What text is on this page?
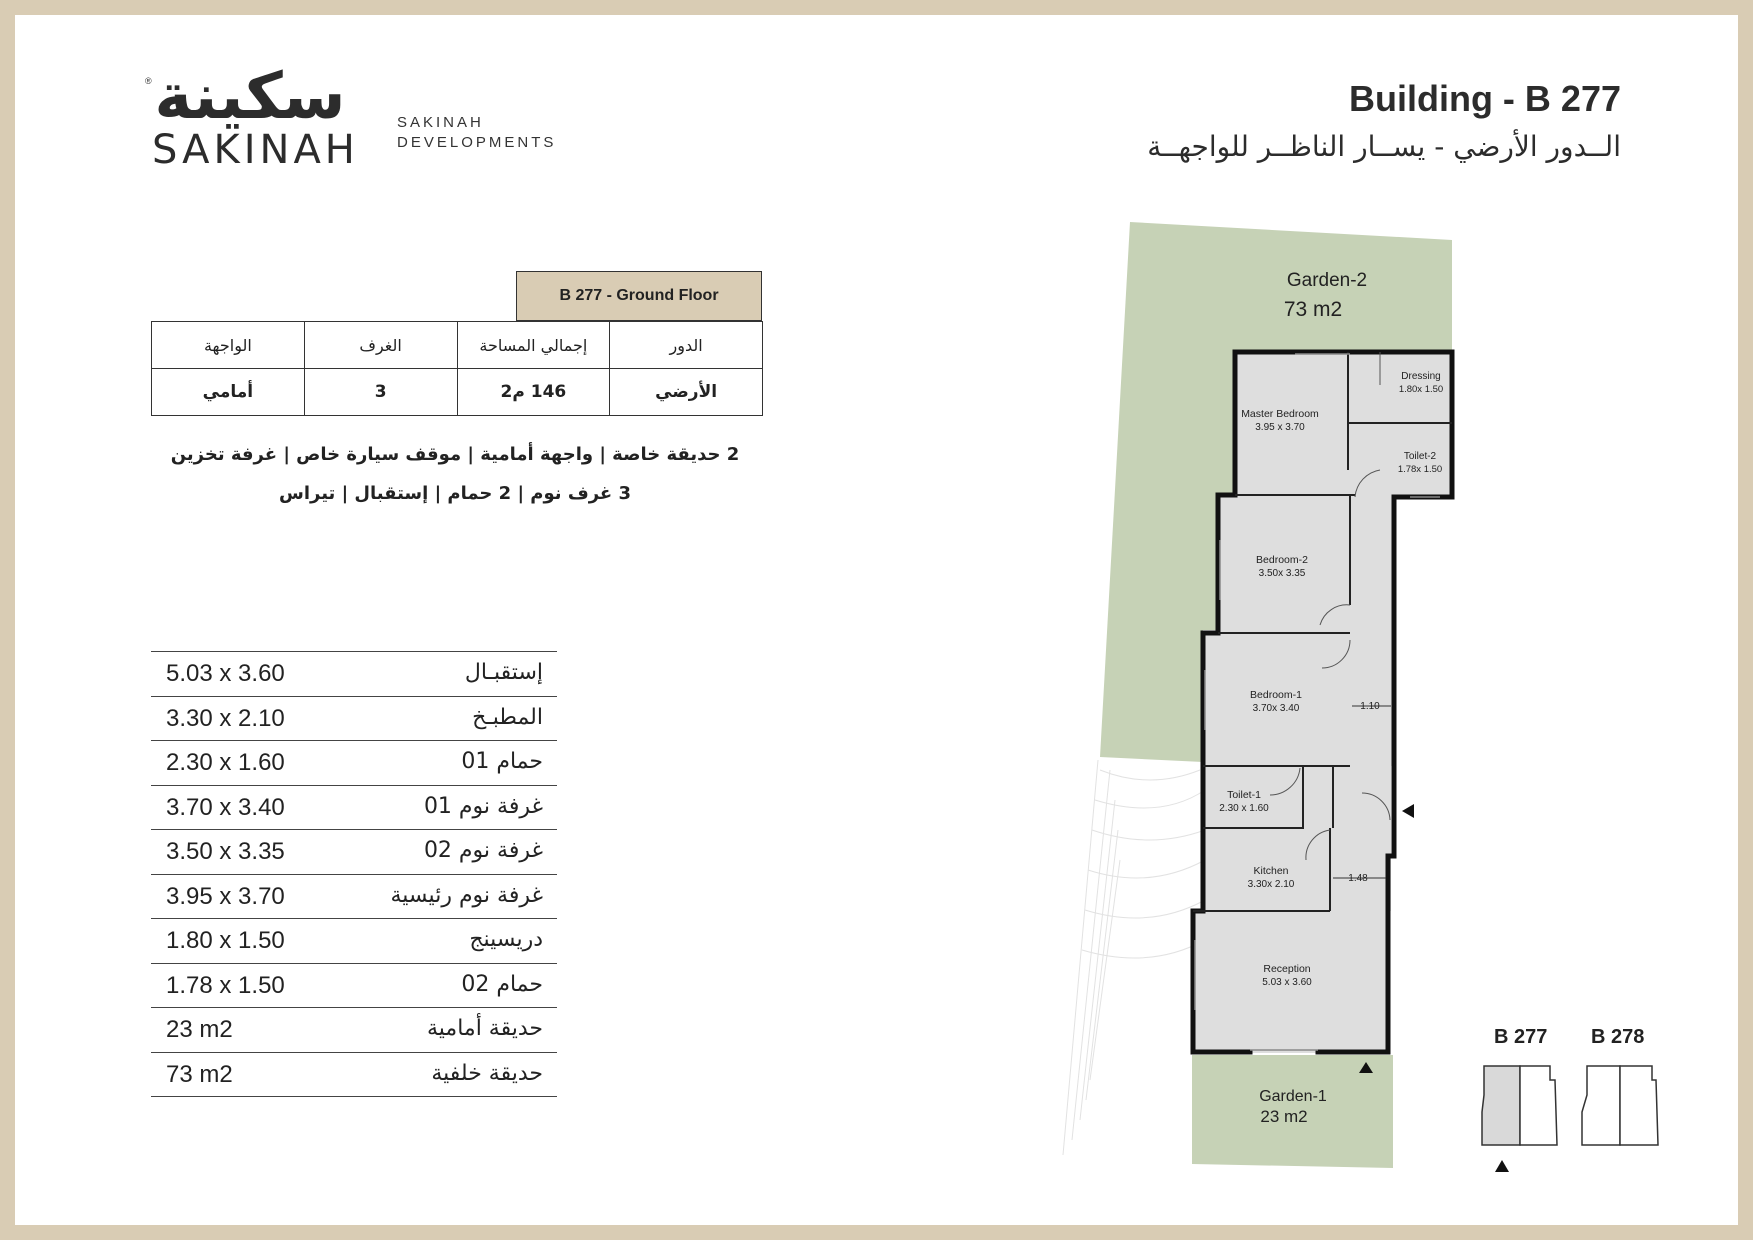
® سكينة
SAKINAH
SAKINAH
DEVELOPMENTS
Building - B 277
الــدور الأرضي - يســار الناظــر للواجهــة
B 277 - Ground Floor
الدور	إجمالي المساحة	الغرف	الواجهة
الأرضي	146 م2	3	أمامي
2 حديقة خاصة | واجهة أمامية | موقف سيارة خاص | غرفة تخزين
3 غرف نوم | 2 حمام | إستقبال | تيراس
5.03 x 3.60	إستقبـال
3.30 x 2.10	المطبـخ
2.30 x 1.60	حمام 01
3.70 x 3.40	غرفة نوم 01
3.50 x 3.35	غرفة نوم 02
3.95 x 3.70	غرفة نوم رئيسية
1.80 x 1.50	دريسينج
1.78 x 1.50	حمام 02
23 m2	حديقة أمامية
73 m2	حديقة خلفية
Garden-2
73 m2
Master Bedroom
3.95 x 3.70
Dressing
1.80x 1.50
Toilet-2
1.78x 1.50
Bedroom-2
3.50x 3.35
Bedroom-1
3.70x 3.40
Toilet-1
2.30 x 1.60
Kitchen
3.30x 2.10
Reception
5.03 x 3.60
1.10
1.48
Garden-1
23 m2
B 277 B 278
